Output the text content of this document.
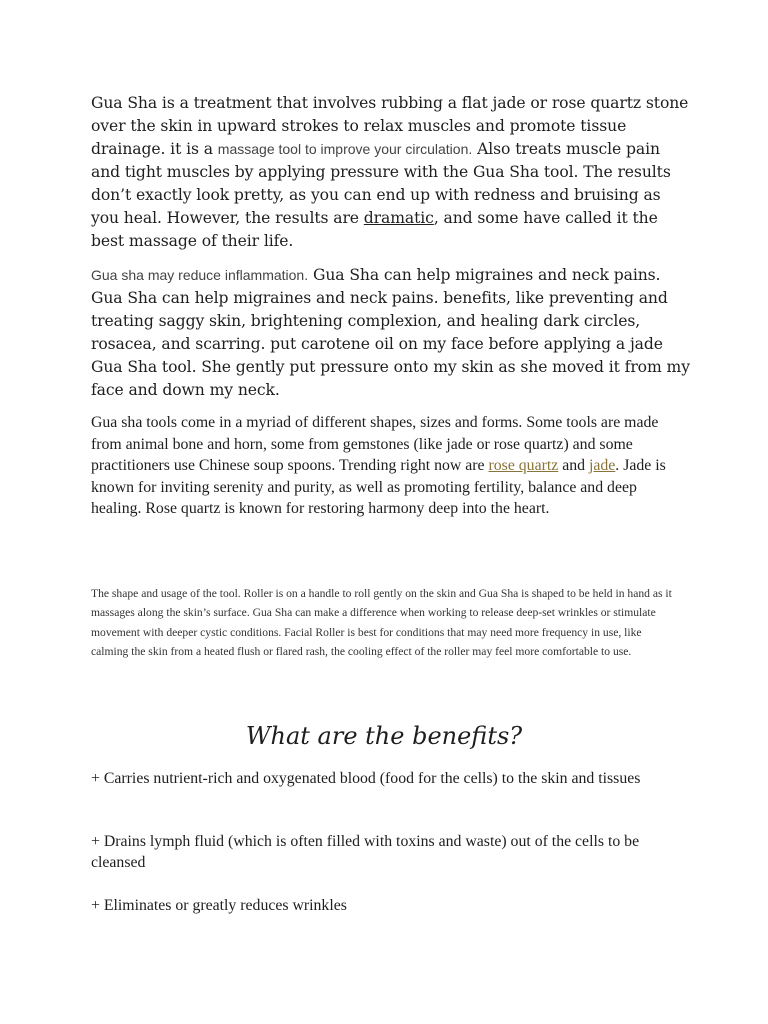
Gua Sha is a treatment that involves rubbing a flat jade or rose quartz stone over the skin in upward strokes to relax muscles and promote tissue drainage. it is a massage tool to improve your circulation. Also treats muscle pain and tight muscles by applying pressure with the Gua Sha tool. The results don’t exactly look pretty, as you can end up with redness and bruising as you heal. However, the results are dramatic, and some have called it the best massage of their life.

Gua sha may reduce inflammation. Gua Sha can help migraines and neck pains. Gua Sha can help migraines and neck pains. benefits, like preventing and treating saggy skin, brightening complexion, and healing dark circles, rosacea, and scarring. put carotene oil on my face before applying a jade Gua Sha tool. She gently put pressure onto my skin as she moved it from my face and down my neck.

Gua sha tools come in a myriad of different shapes, sizes and forms. Some tools are made from animal bone and horn, some from gemstones (like jade or rose quartz) and some practitioners use Chinese soup spoons. Trending right now are rose quartz and jade. Jade is known for inviting serenity and purity, as well as promoting fertility, balance and deep healing. Rose quartz is known for restoring harmony deep into the heart.

The shape and usage of the tool. Roller is on a handle to roll gently on the skin and Gua Sha is shaped to be held in hand as it massages along the skin’s surface. Gua Sha can make a difference when working to release deep-set wrinkles or stimulate movement with deeper cystic conditions. Facial Roller is best for conditions that may need more frequency in use, like calming the skin from a heated flush or flared rash, the cooling effect of the roller may feel more comfortable to use.

What are the benefits?

+ Carries nutrient-rich and oxygenated blood (food for the cells) to the skin and tissues

+ Drains lymph fluid (which is often filled with toxins and waste) out of the cells to be cleansed

+ Eliminates or greatly reduces wrinkles
